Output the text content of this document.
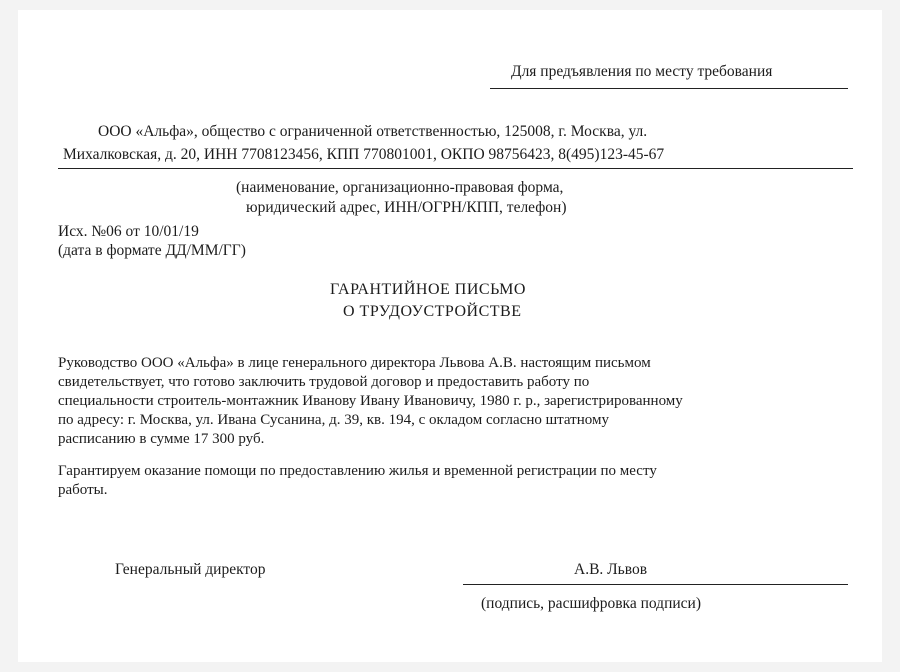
Для предъявления по месту требования

ООО «Альфа», общество с ограниченной ответственностью, 125008, г. Москва, ул.

Михалковская, д. 20, ИНН 7708123456, КПП 770801001, ОКПО 98756423, 8(495)123-45-67

(наименование, организационно-правовая форма,

юридический адрес, ИНН/ОГРН/КПП, телефон)

Исх. №06 от 10/01/19

(дата в формате ДД/ММ/ГГ)

ГАРАНТИЙНОЕ ПИСЬМО

О ТРУДОУСТРОЙСТВЕ

Руководство ООО «Альфа» в лице генерального директора Львова А.В. настоящим письмом

свидетельствует, что готово заключить трудовой договор и предоставить работу по

специальности строитель-монтажник Иванову Ивану Ивановичу, 1980 г. р., зарегистрированному

по адресу: г. Москва, ул. Ивана Сусанина, д. 39, кв. 194, с окладом согласно штатному

расписанию в сумме 17 300 руб.

Гарантируем оказание помощи по предоставлению жилья и временной регистрации по месту

работы.

Генеральный директор	А.В. Львов

(подпись, расшифровка подписи)
